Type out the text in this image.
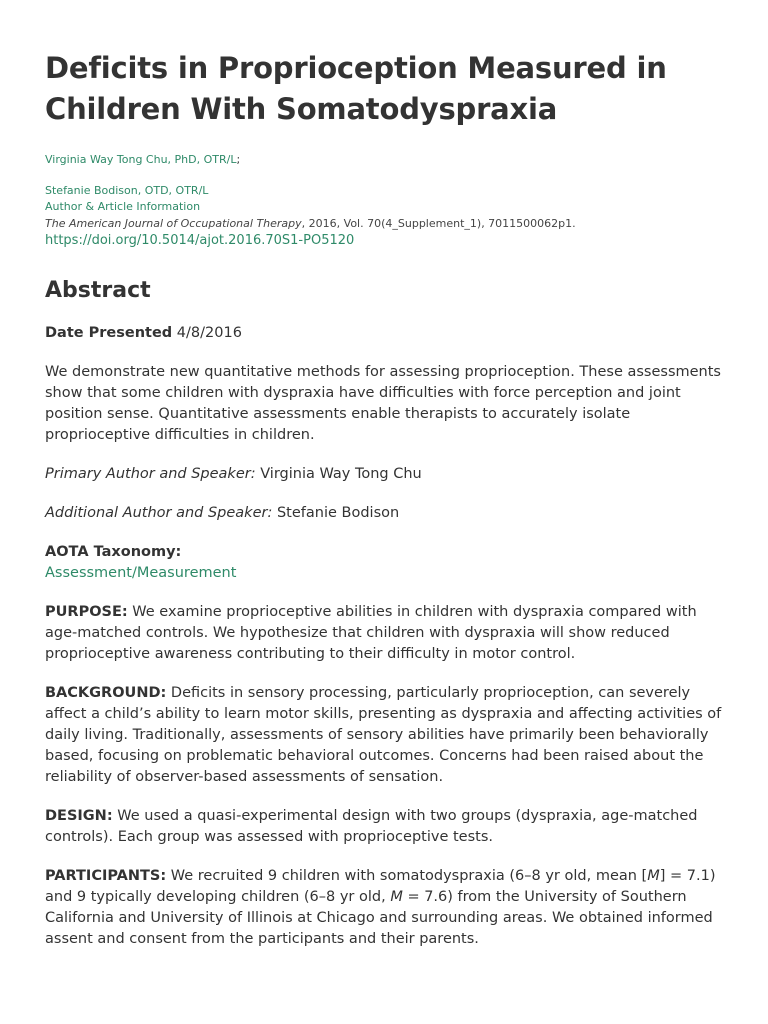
Deficits in Proprioception Measured in
Children With Somatodyspraxia
Virginia Way Tong Chu, PhD, OTR/L;
Stefanie Bodison, OTD, OTR/L
Author & Article Information
The American Journal of Occupational Therapy, 2016, Vol. 70(4_Supplement_1), 7011500062p1.
https://doi.org/10.5014/ajot.2016.70S1-PO5120
Abstract

Date Presented 4/8/2016

We demonstrate new quantitative methods for assessing proprioception. These assessments show that some children with dyspraxia have difficulties with force perception and joint position sense. Quantitative assessments enable therapists to accurately isolate proprioceptive difficulties in children.

Primary Author and Speaker: Virginia Way Tong Chu

Additional Author and Speaker: Stefanie Bodison

AOTA Taxonomy:
Assessment/Measurement

PURPOSE: We examine proprioceptive abilities in children with dyspraxia compared with age-matched controls. We hypothesize that children with dyspraxia will show reduced proprioceptive awareness contributing to their difficulty in motor control.

BACKGROUND: Deficits in sensory processing, particularly proprioception, can severely affect a child’s ability to learn motor skills, presenting as dyspraxia and affecting activities of daily living. Traditionally, assessments of sensory abilities have primarily been behaviorally based, focusing on problematic behavioral outcomes. Concerns had been raised about the reliability of observer-based assessments of sensation.

DESIGN: We used a quasi-experimental design with two groups (dyspraxia, age-matched controls). Each group was assessed with proprioceptive tests.

PARTICIPANTS: We recruited 9 children with somatodyspraxia (6–8 yr old, mean [M] = 7.1) and 9 typically developing children (6–8 yr old, M = 7.6) from the University of Southern California and University of Illinois at Chicago and surrounding areas. We obtained informed assent and consent from the participants and their parents.
